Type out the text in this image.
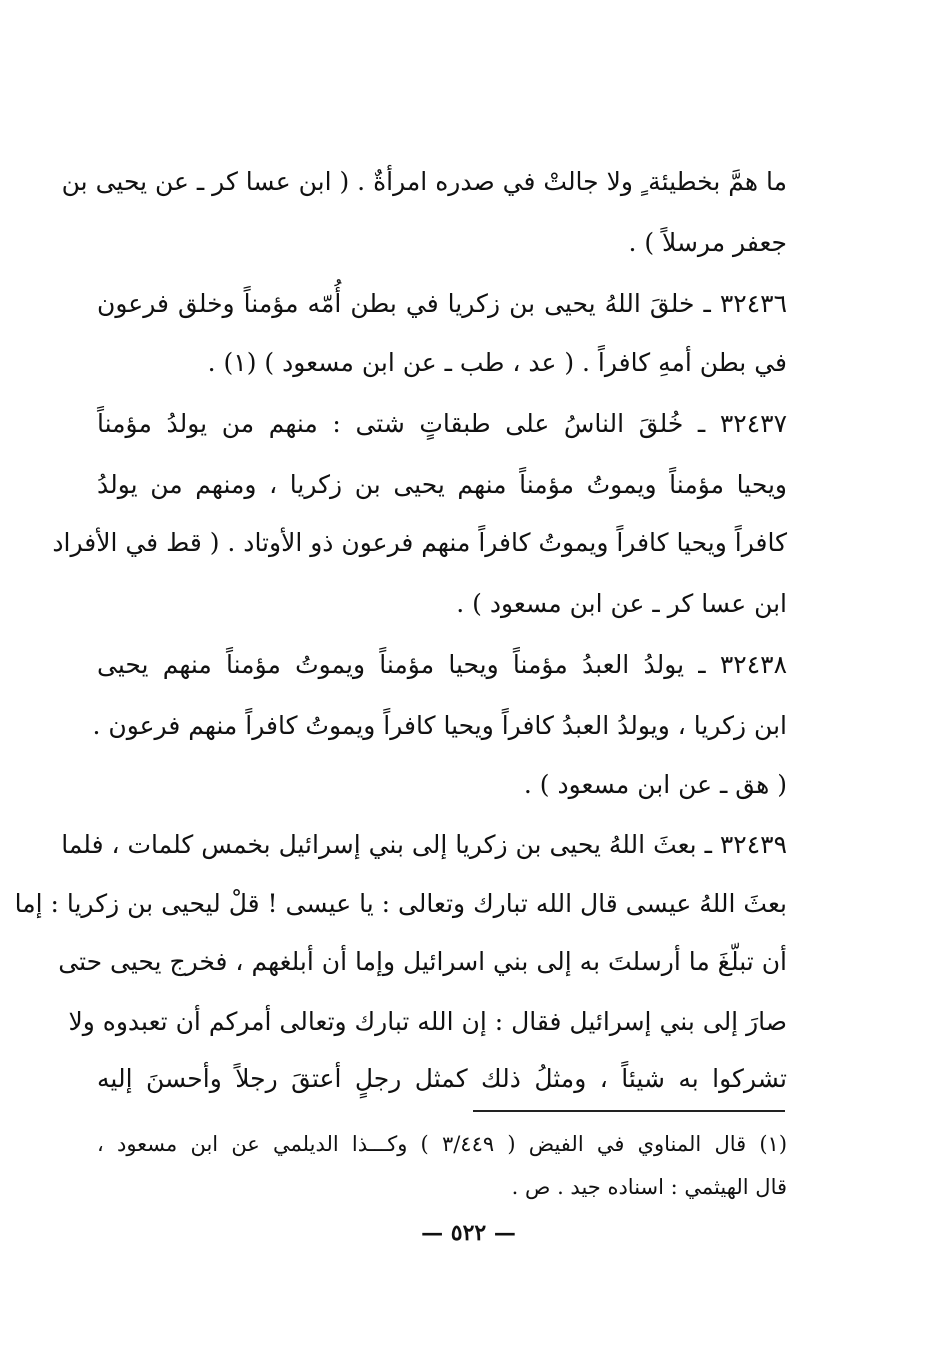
ما همَّ بخطيئة ٍ ولا جالتْ في صدره امرأةٌ . ( ابن عسا كر ـ عن يحيى بن
جعفر مرسلاً ) .
٣٢٤٣٦ ـ خلقَ اللهُ يحيى بن زكريا في بطن أُمّه مؤمناً وخلق فرعون
في بطن أمهِ كافراً . ( عد ، طب ـ عن ابن مسعود ) (١) .
٣٢٤٣٧ ـ خُلقَ الناسُ على طبقاتٍ شتى : منهم من يولدُ مؤمناً
ويحيا مؤمناً ويموتُ مؤمناً منهم يحيى بن زكريا ، ومنهم من يولدُ
كافراً ويحيا كافراً ويموتُ كافراً منهم فرعون ذو الأوتاد . ( قط في الأفراد
ابن عسا كر ـ عن ابن مسعود ) .
٣٢٤٣٨ ـ يولدُ العبدُ مؤمناً ويحيا مؤمناً ويموتُ مؤمناً منهم يحيى
ابن زكريا ، ويولدُ العبدُ كافراً ويحيا كافراً ويموتُ كافراً منهم فرعون .
( هق ـ عن ابن مسعود ) .
٣٢٤٣٩ ـ بعثَ اللهُ يحيى بن زكريا إلى بني إسرائيل بخمس كلمات ، فلما
بعثَ اللهُ عيسى قال الله تبارك وتعالى : يا عيسى ! قلْ ليحيى بن زكريا : إما
أن تبلّغَ ما أرسلتَ به إلى بني اسرائيل وإما أن أبلغهم ، فخرج يحيى حتى
صارَ إلى بني إسرائيل فقال : إن الله تبارك وتعالى أمركم أن تعبدوه ولا
تشركوا به شيئاً ، ومثلُ ذلك كمثل رجلٍ أعتقَ رجلاً وأحسنَ إليه
(١) قال المناوي في الفيض ( ٣/٤٤٩ ) وكـــذا الديلمي عن ابن مسعود ،
قال الهيثمي : اسناده جيد . ص .
— ٥٢٢ —
